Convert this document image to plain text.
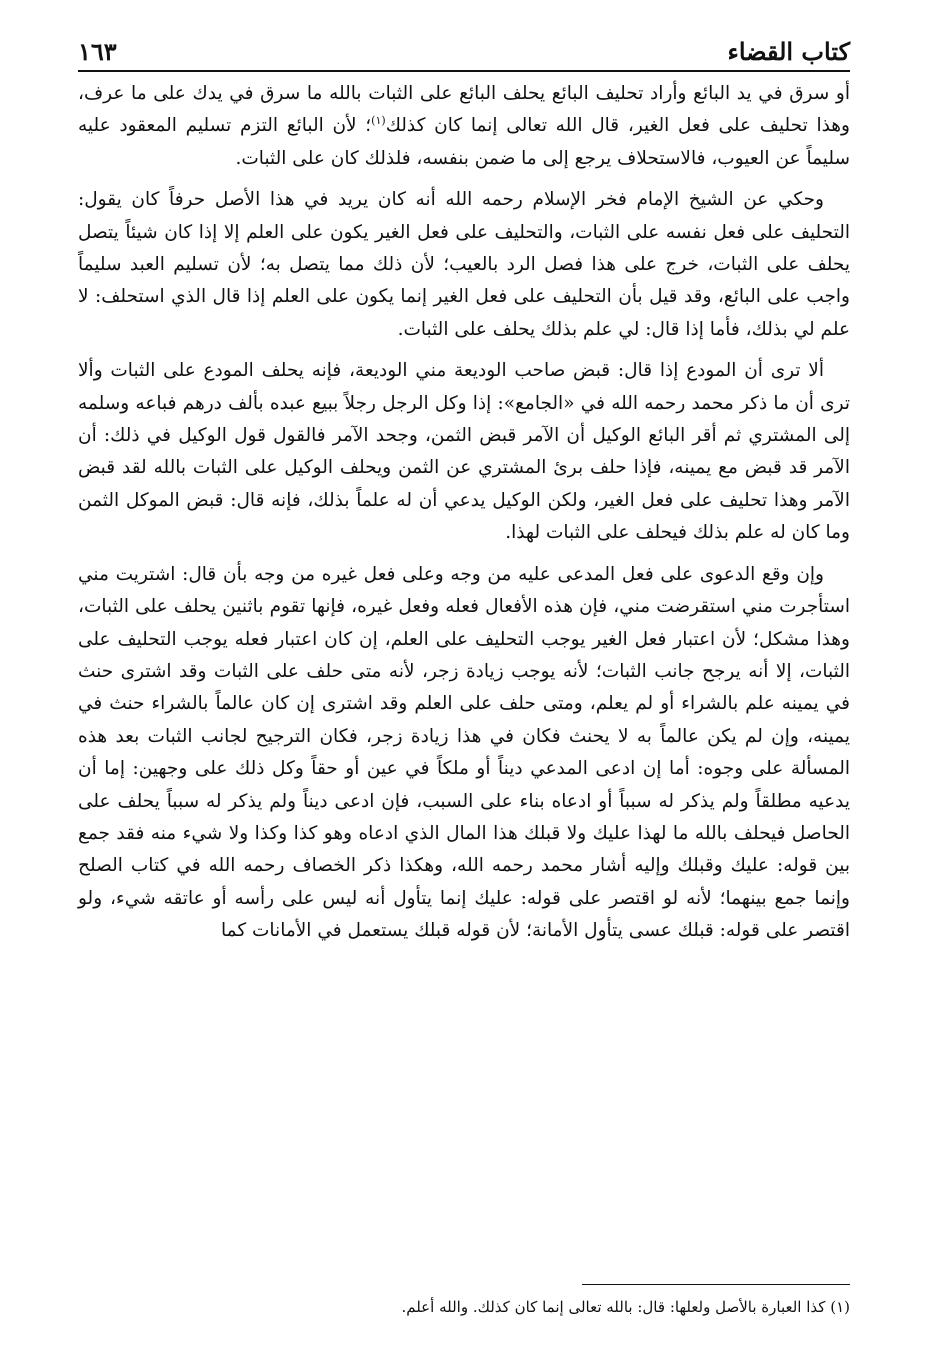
كتاب القضاء
١٦٣

أو سرق في يد البائع وأراد تحليف البائع يحلف البائع على الثبات بالله ما سرق في يدك على ما عرف، وهذا تحليف على فعل الغير، قال الله تعالى إنما كان كذلك$^{(١)}$؛ لأن البائع التزم تسليم المعقود عليه سليماً عن العيوب، فالاستحلاف يرجع إلى ما ضمن بنفسه، فلذلك كان على الثبات.

وحكي عن الشيخ الإمام فخر الإسلام رحمه الله أنه كان يريد في هذا الأصل حرفاً كان يقول: التحليف على فعل نفسه على الثبات، والتحليف على فعل الغير يكون على العلم إلا إذا كان شيئاً يتصل يحلف على الثبات، خرج على هذا فصل الرد بالعيب؛ لأن ذلك مما يتصل به؛ لأن تسليم العبد سليماً واجب على البائع، وقد قيل بأن التحليف على فعل الغير إنما يكون على العلم إذا قال الذي استحلف: لا علم لي بذلك، فأما إذا قال: لي علم بذلك يحلف على الثبات.

ألا ترى أن المودع إذا قال: قبض صاحب الوديعة مني الوديعة، فإنه يحلف المودع على الثبات وألا ترى أن ما ذكر محمد رحمه الله في «الجامع»: إذا وكل الرجل رجلاً ببيع عبده بألف درهم فباعه وسلمه إلى المشتري ثم أقر البائع الوكيل أن الآمر قبض الثمن، وجحد الآمر فالقول قول الوكيل في ذلك: أن الآمر قد قبض مع يمينه، فإذا حلف برئ المشتري عن الثمن ويحلف الوكيل على الثبات بالله لقد قبض الآمر وهذا تحليف على فعل الغير، ولكن الوكيل يدعي أن له علماً بذلك، فإنه قال: قبض الموكل الثمن وما كان له علم بذلك فيحلف على الثبات لهذا.

وإن وقع الدعوى على فعل المدعى عليه من وجه وعلى فعل غيره من وجه بأن قال: اشتريت مني استأجرت مني استقرضت مني، فإن هذه الأفعال فعله وفعل غيره، فإنها تقوم باثنين يحلف على الثبات، وهذا مشكل؛ لأن اعتبار فعل الغير يوجب التحليف على العلم، إن كان اعتبار فعله يوجب التحليف على الثبات، إلا أنه يرجح جانب الثبات؛ لأنه يوجب زيادة زجر، لأنه متى حلف على الثبات وقد اشترى حنث في يمينه علم بالشراء أو لم يعلم، ومتى حلف على العلم وقد اشترى إن كان عالماً بالشراء حنث في يمينه، وإن لم يكن عالماً به لا يحنث فكان في هذا زيادة زجر، فكان الترجيح لجانب الثبات بعد هذه المسألة على وجوه: أما إن ادعى المدعي ديناً أو ملكاً في عين أو حقاً وكل ذلك على وجهين: إما أن يدعيه مطلقاً ولم يذكر له سبباً أو ادعاه بناء على السبب، فإن ادعى ديناً ولم يذكر له سبباً يحلف على الحاصل فيحلف بالله ما لهذا عليك ولا قبلك هذا المال الذي ادعاه وهو كذا وكذا ولا شيء منه فقد جمع بين قوله: عليك وقبلك وإليه أشار محمد رحمه الله، وهكذا ذكر الخصاف رحمه الله في كتاب الصلح وإنما جمع بينهما؛ لأنه لو اقتصر على قوله: عليك إنما يتأول أنه ليس على رأسه أو عاتقه شيء، ولو اقتصر على قوله: قبلك عسى يتأول الأمانة؛ لأن قوله قبلك يستعمل في الأمانات كما

(١) كذا العبارة بالأصل ولعلها: قال: بالله تعالى إنما كان كذلك. والله أعلم.
